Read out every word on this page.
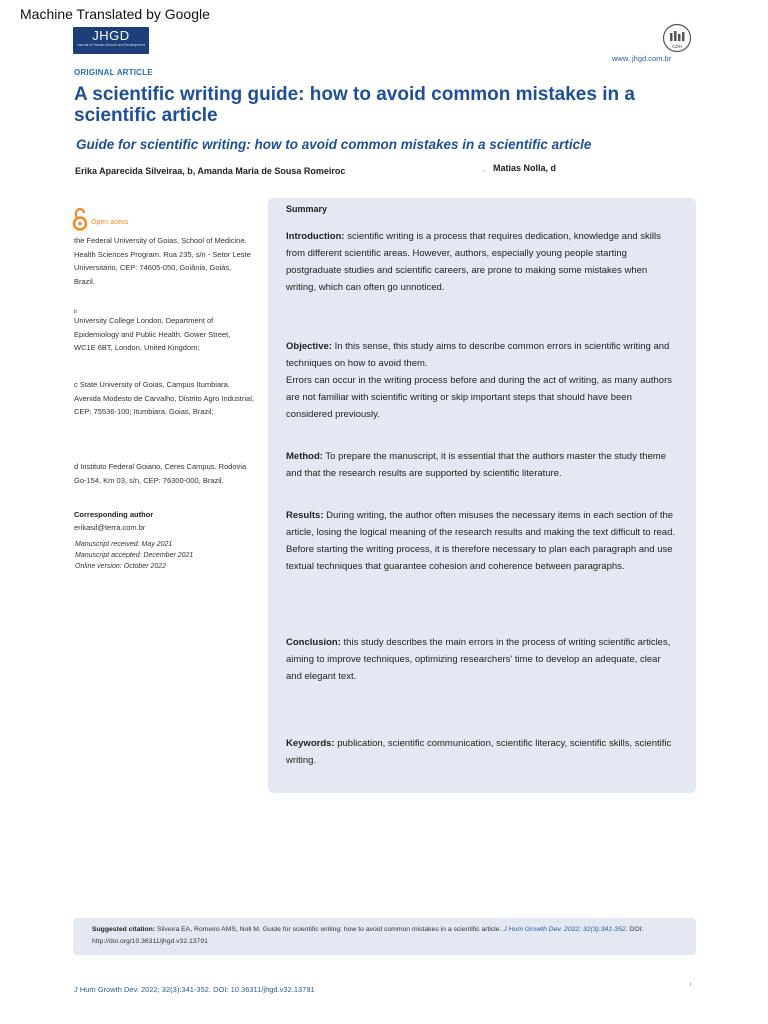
Machine Translated by Google
JHGD
Journal of Human Growth and Development	CDH
www. jhgd.com.br
ORIGINAL ARTICLE
A scientific writing guide: how to avoid common mistakes in a scientific article
Guide for scientific writing: how to avoid common mistakes in a scientific article
Erika Aparecida Silveiraa, b, Amanda Maria de Sousa Romeiroc	, Matias Nolla, d
Open acess

the Federal University of Goias, School of Medicine. Health Sciences Program. Rua 235, s/n - Setor Leste Universitário, CEP: 74605-050, Goiânia, Goiás, Brazil.

b

University College London, Department of Epidemiology and Public Health. Gower Street, WC1E 6BT, London, United Kingdom;

c State University of Goias, Campus Itumbiara. Avenida Modesto de Carvalho, Distrito Agro Industrial, CEP: 75536-100; Itumbiara, Goias, Brazil;

d Instituto Federal Goiano, Ceres Campus. Rodovia Go-154, Km 03, s/n, CEP: 76300-000, Brazil.

Corresponding author
erikasil@terra.com.br
Manuscript received: May 2021
Manuscript accepted: December 2021
Online version: October 2022
Summary

Introduction: scientific writing is a process that requires dedication, knowledge and skills from different scientific areas. However, authors, especially young people starting postgraduate studies and scientific careers, are prone to making some mistakes when writing, which can often go unnoticed.

Objective: In this sense, this study aims to describe common errors in scientific writing and techniques on how to avoid them.
Errors can occur in the writing process before and during the act of writing, as many authors are not familiar with scientific writing or skip important steps that should have been considered previously.

Method: To prepare the manuscript, it is essential that the authors master the study theme and that the research results are supported by scientific literature.

Results: During writing, the author often misuses the necessary items in each section of the article, losing the logical meaning of the research results and making the text difficult to read. Before starting the writing process, it is therefore necessary to plan each paragraph and use textual techniques that guarantee cohesion and coherence between paragraphs.

Conclusion: this study describes the main errors in the process of writing scientific articles, aiming to improve techniques, optimizing researchers' time to develop an adequate, clear and elegant text.

Keywords: publication, scientific communication, scientific literacy, scientific skills, scientific writing.

Suggested citation: Silveira EA, Romeiro AMS, Noll M. Guide for scientific writing: how to avoid common mistakes in a scientific article. J Hum Growth Dev. 2022; 32(3):341-352. DOI: http://doi.org/10.36311/jhgd.v32.13791

J Hum Growth Dev. 2022; 32(3):341-352. DOI: 10.36311/jhgd.v32.13791	ı
